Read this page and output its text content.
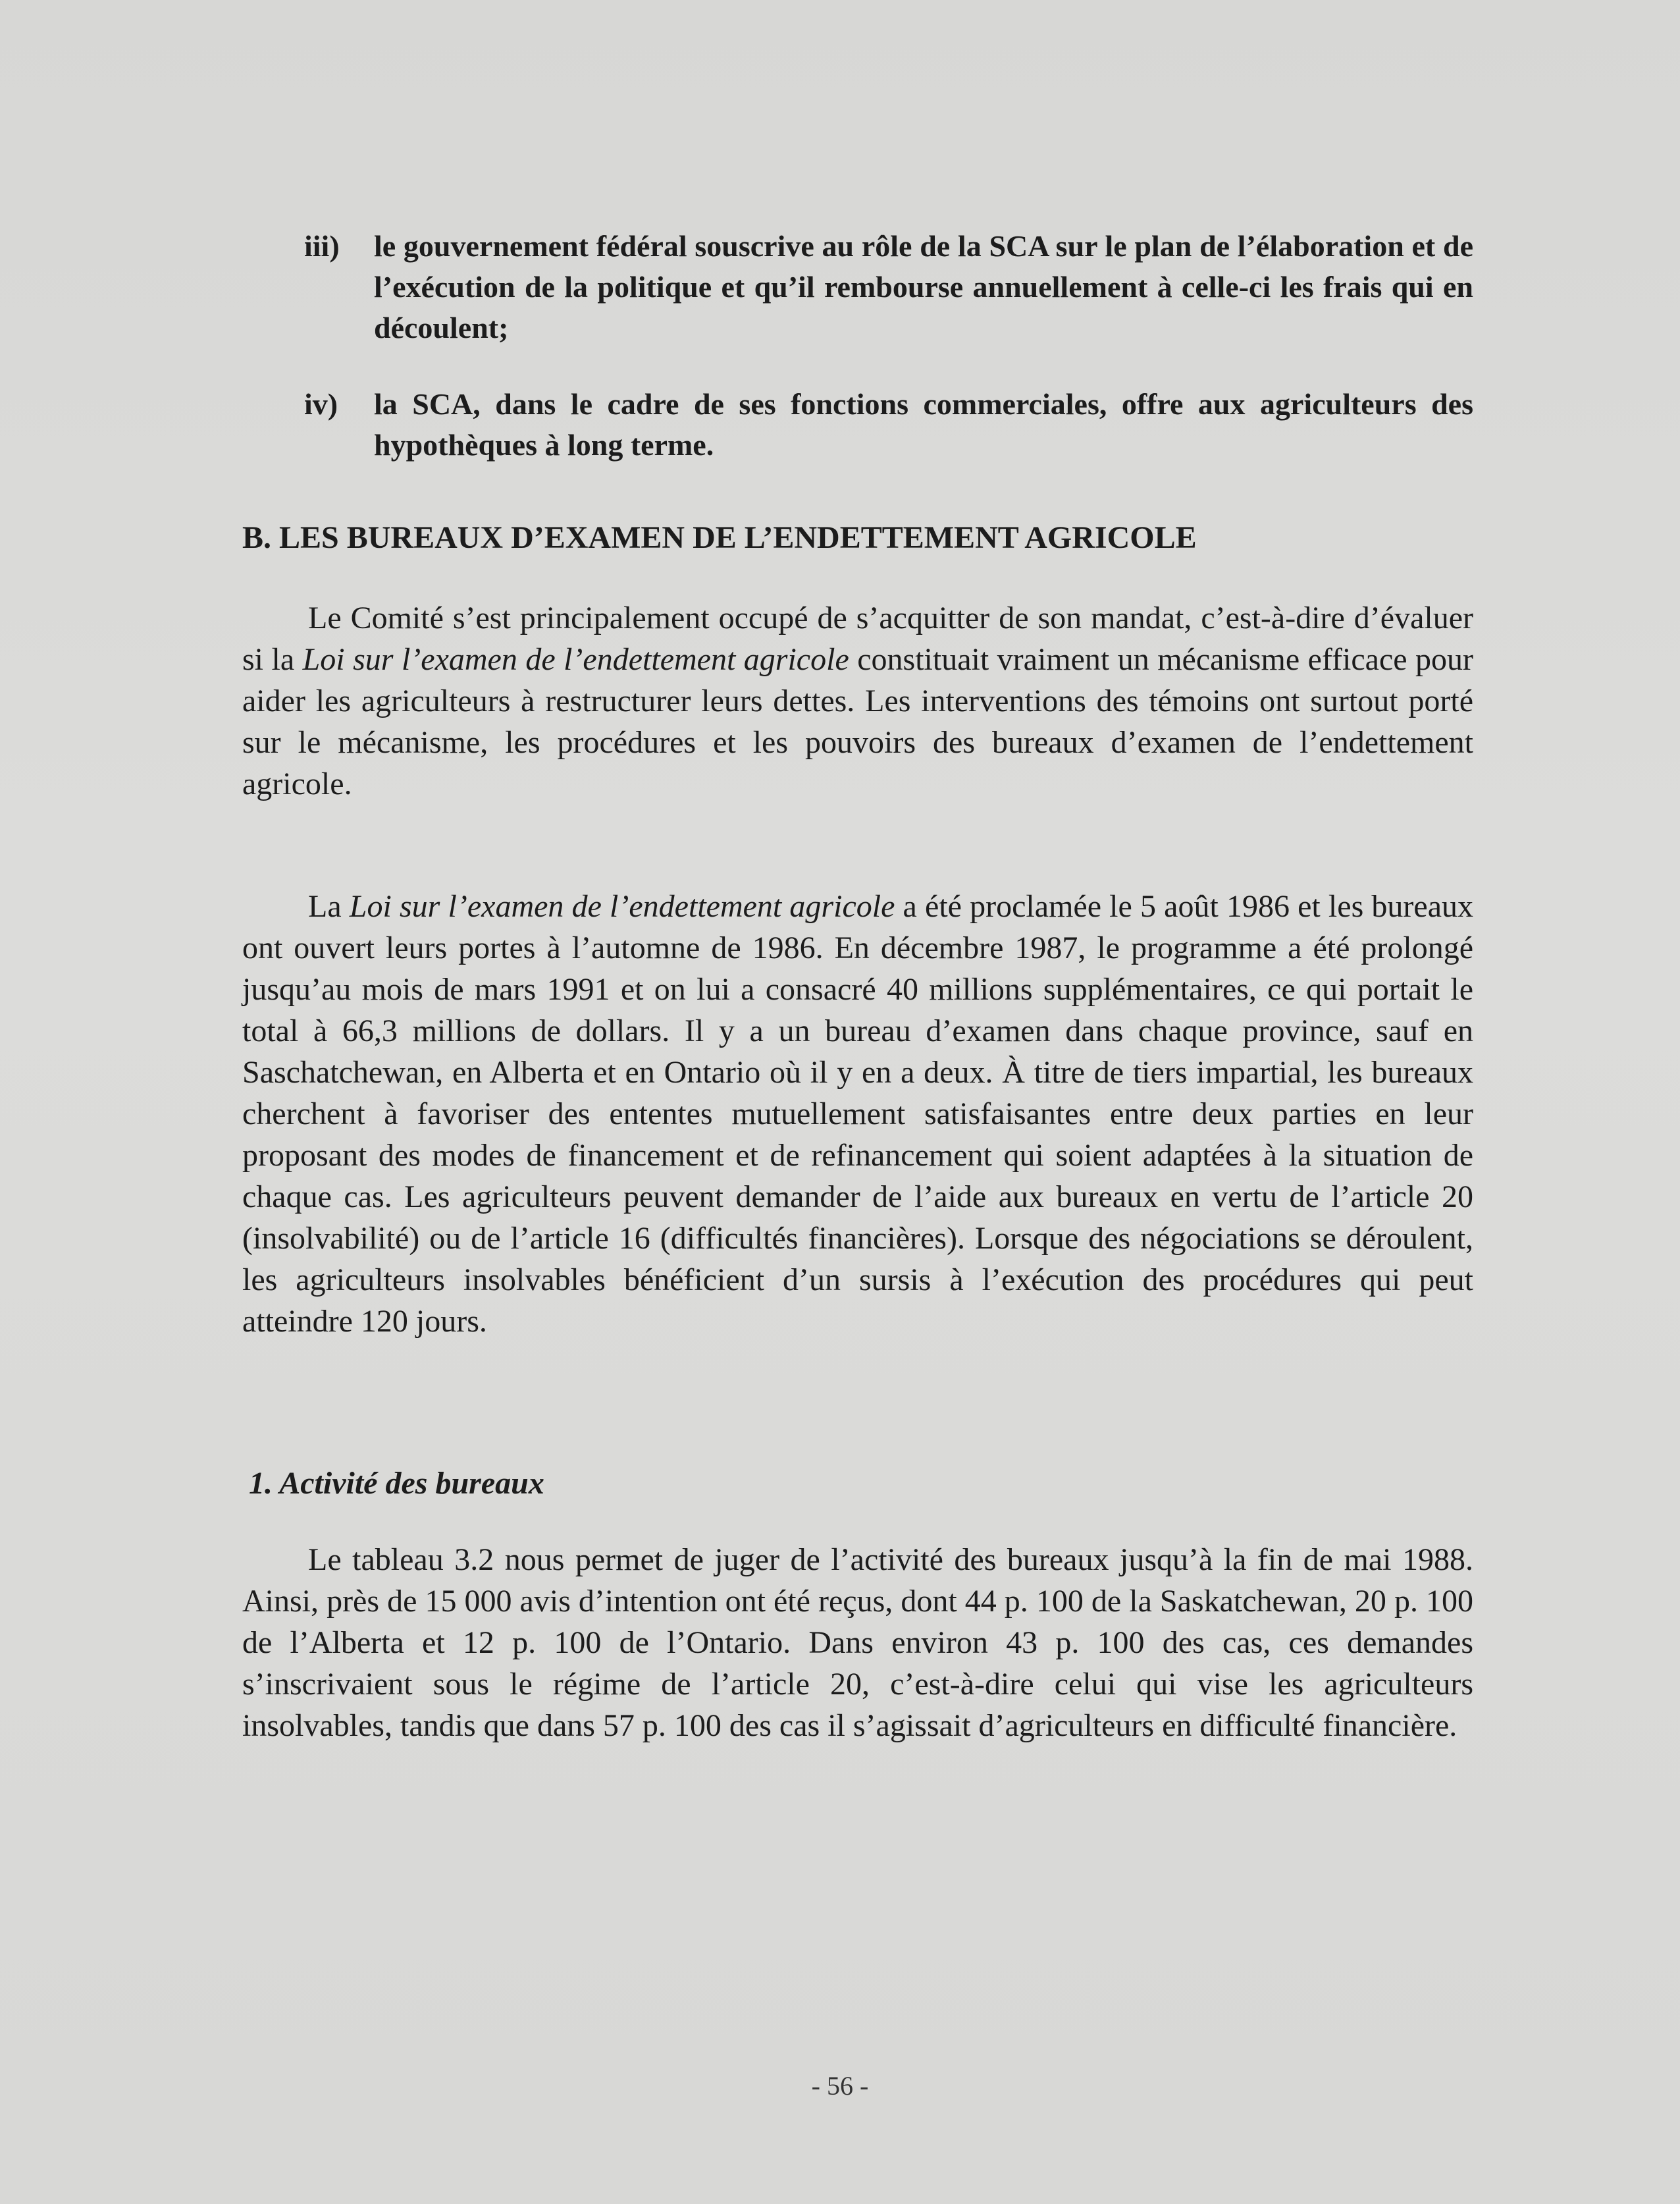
iii) le gouvernement fédéral souscrive au rôle de la SCA sur le plan de l’élaboration et de l’exécution de la politique et qu’il rembourse annuellement à celle-ci les frais qui en découlent;
iv) la SCA, dans le cadre de ses fonctions commerciales, offre aux agriculteurs des hypothèques à long terme.
B. LES BUREAUX D’EXAMEN DE L’ENDETTEMENT AGRICOLE
Le Comité s’est principalement occupé de s’acquitter de son mandat, c’est-à-dire d’évaluer si la Loi sur l’examen de l’endettement agricole constituait vraiment un mécanisme efficace pour aider les agriculteurs à restructurer leurs dettes. Les interventions des témoins ont surtout porté sur le mécanisme, les procédures et les pouvoirs des bureaux d’examen de l’endettement agricole.
La Loi sur l’examen de l’endettement agricole a été proclamée le 5 août 1986 et les bureaux ont ouvert leurs portes à l’automne de 1986. En décembre 1987, le programme a été prolongé jusqu’au mois de mars 1991 et on lui a consacré 40 millions supplémentaires, ce qui portait le total à 66,3 millions de dollars. Il y a un bureau d’examen dans chaque province, sauf en Saschatchewan, en Alberta et en Ontario où il y en a deux. À titre de tiers impartial, les bureaux cherchent à favoriser des ententes mutuellement satisfaisantes entre deux parties en leur proposant des modes de financement et de refinancement qui soient adaptées à la situation de chaque cas. Les agriculteurs peuvent demander de l’aide aux bureaux en vertu de l’article 20 (insolvabilité) ou de l’article 16 (difficultés financières). Lorsque des négociations se déroulent, les agriculteurs insolvables bénéficient d’un sursis à l’exécution des procédures qui peut atteindre 120 jours.
1. Activité des bureaux
Le tableau 3.2 nous permet de juger de l’activité des bureaux jusqu’à la fin de mai 1988. Ainsi, près de 15 000 avis d’intention ont été reçus, dont 44 p. 100 de la Saskatchewan, 20 p. 100 de l’Alberta et 12 p. 100 de l’Ontario. Dans environ 43 p. 100 des cas, ces demandes s’inscrivaient sous le régime de l’article 20, c’est-à-dire celui qui vise les agriculteurs insolvables, tandis que dans 57 p. 100 des cas il s’agissait d’agriculteurs en difficulté financière.
- 56 -
